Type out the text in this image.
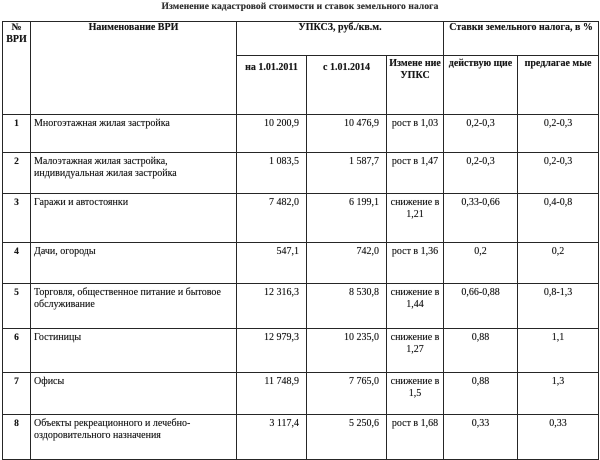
Изменение кадастровой стоимости и ставок земельного налога
№ ВРИ	Наименование ВРИ	УПКСЗ, руб./кв.м.			Ставки земельного налога, в %	
		на 1.01.2011	с 1.01.2014	Измене ние УПКС	действую щие	предлагае мые

1	Многоэтажная жилая застройка	10 200,9	10 476,9	рост в 1,03	0,2-0,3	0,2-0,3

2	Малоэтажная жилая застройка, индивидуальная жилая застройка	1 083,5	1 587,7	рост в 1,47	0,2-0,3	0,2-0,3

3	Гаражи и автостоянки	7 482,0	6 199,1	снижение в 1,21	0,33-0,66	0,4-0,8

4	Дачи, огороды	547,1	742,0	рост в 1,36	0,2	0,2

5	Торговля, общественное питание и бытовое обслуживание	12 316,3	8 530,8	снижение в 1,44	0,66-0,88	0,8-1,3

6	Гостиницы	12 979,3	10 235,0	снижение в 1,27	0,88	1,1

7	Офисы	11 748,9	7 765,0	снижение в 1,5	0,88	1,3

8	Объекты рекреационного и лечебно-оздоровительного назначения	3 117,4	5 250,6	рост в 1,68	0,33	0,33
